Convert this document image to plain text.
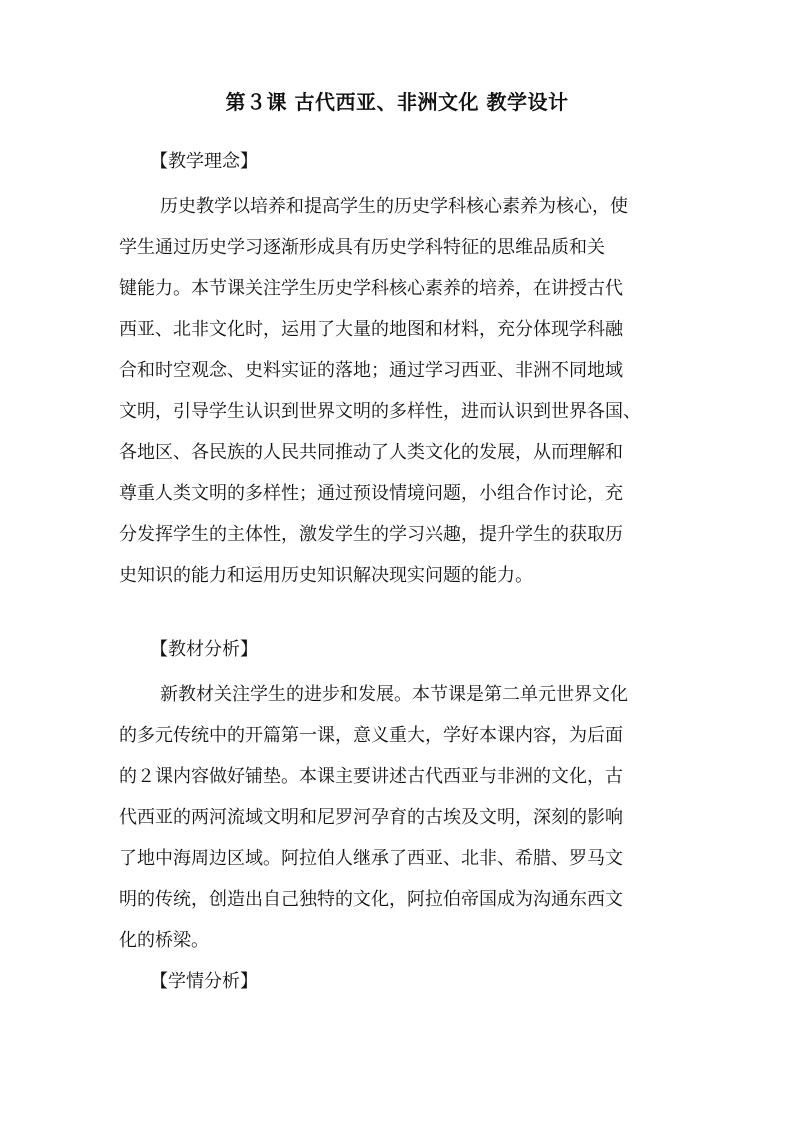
第３课 古代西亚、非洲文化 教学设计
【教学理念】
历史教学以培养和提高学生的历史学科核心素养为核心，使
学生通过历史学习逐渐形成具有历史学科特征的思维品质和关
键能力。本节课关注学生历史学科核心素养的培养，在讲授古代
西亚、北非文化时，运用了大量的地图和材料，充分体现学科融
合和时空观念、史料实证的落地；通过学习西亚、非洲不同地域
文明，引导学生认识到世界文明的多样性，进而认识到世界各国、
各地区、各民族的人民共同推动了人类文化的发展，从而理解和
尊重人类文明的多样性；通过预设情境问题，小组合作讨论，充
分发挥学生的主体性，激发学生的学习兴趣，提升学生的获取历
史知识的能力和运用历史知识解决现实问题的能力。
【教材分析】
新教材关注学生的进步和发展。本节课是第二单元世界文化
的多元传统中的开篇第一课，意义重大，学好本课内容，为后面
的２课内容做好铺垫。本课主要讲述古代西亚与非洲的文化，古
代西亚的两河流域文明和尼罗河孕育的古埃及文明，深刻的影响
了地中海周边区域。阿拉伯人继承了西亚、北非、希腊、罗马文
明的传统，创造出自己独特的文化，阿拉伯帝国成为沟通东西文
化的桥梁。
【学情分析】
